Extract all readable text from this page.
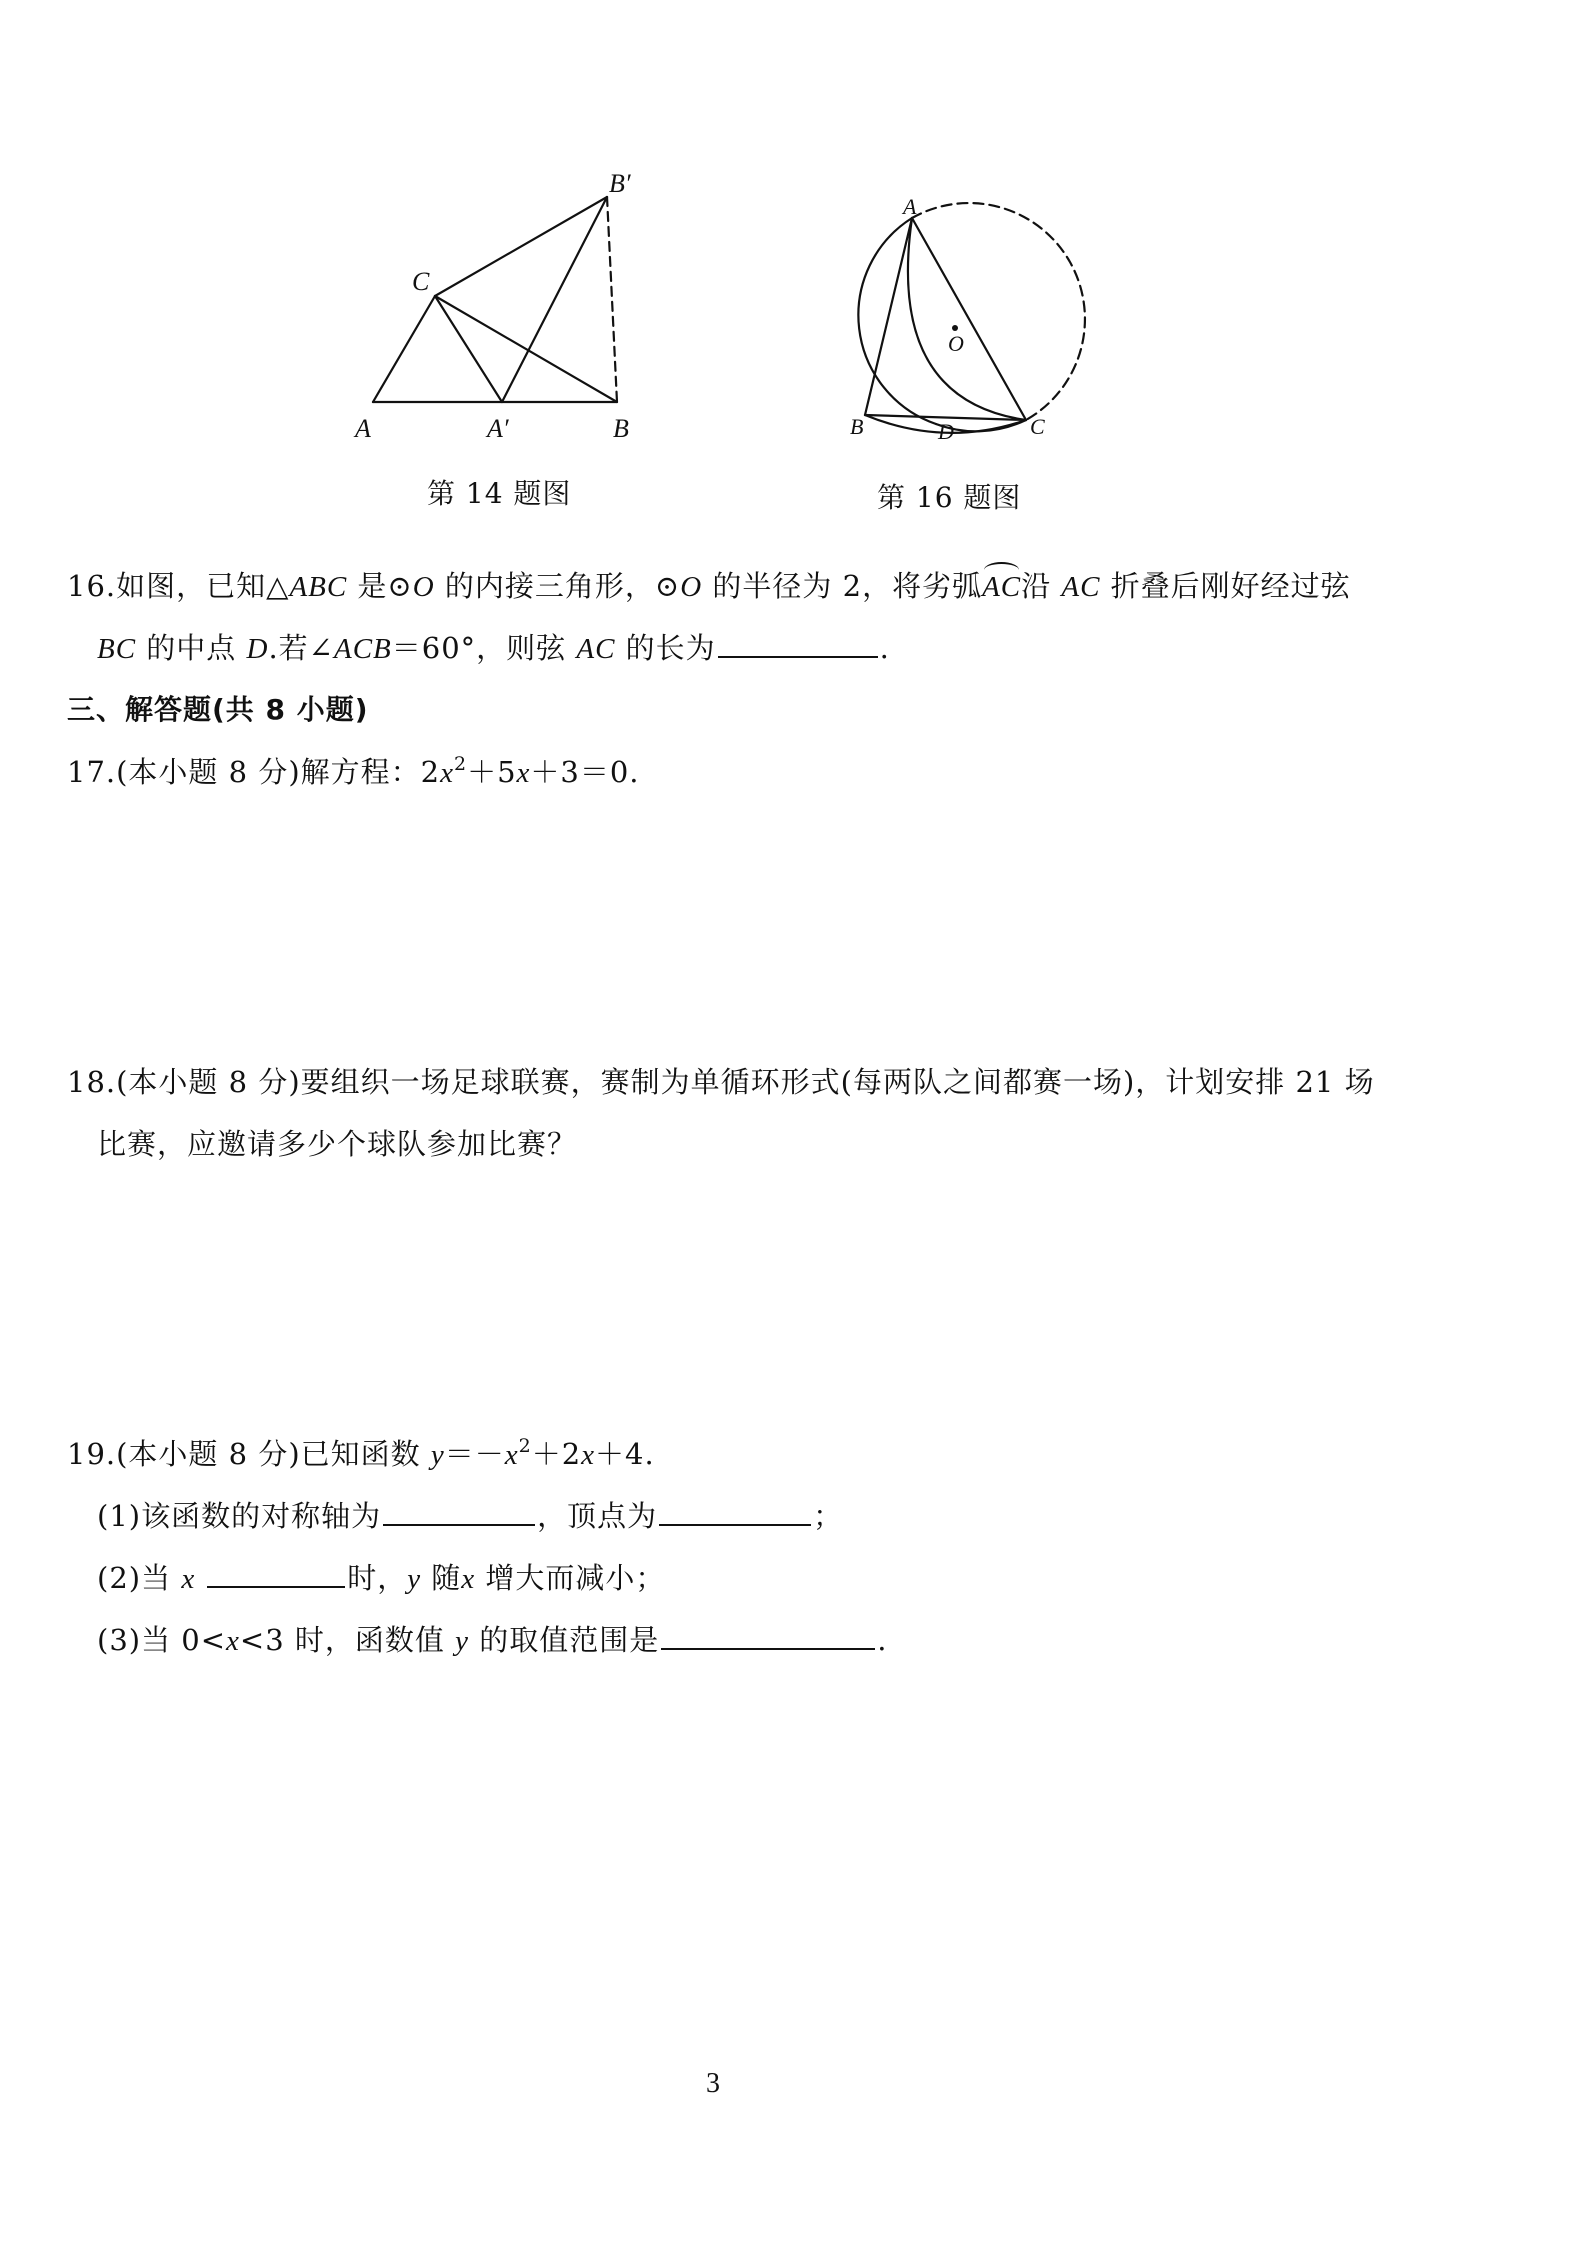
A	A′	B
B′
C
第 14 题图
A
B	C
D
O
第 16 题图
16.如图，已知△ABC 是⊙O 的内接三角形，⊙O 的半径为 2，将劣弧AC沿 AC 折叠后刚好经过弦
BC 的中点 D.若∠ACB＝60°，则弦 AC 的长为	.
三、解答题(共 8 小题)
17.(本小题 8 分)解方程：$2x^2+5x+3=0$.
18.(本小题 8 分)要组织一场足球联赛，赛制为单循环形式(每两队之间都赛一场)，计划安排 21 场
比赛，应邀请多少个球队参加比赛？
19.(本小题 8 分)已知函数 $y=-x^2+2x+4$.
(1)该函数的对称轴为	，顶点为	；
(2)当 x	时，y 随x 增大而减小；
(3)当 0<x<3 时，函数值 y 的取值范围是	.
3
